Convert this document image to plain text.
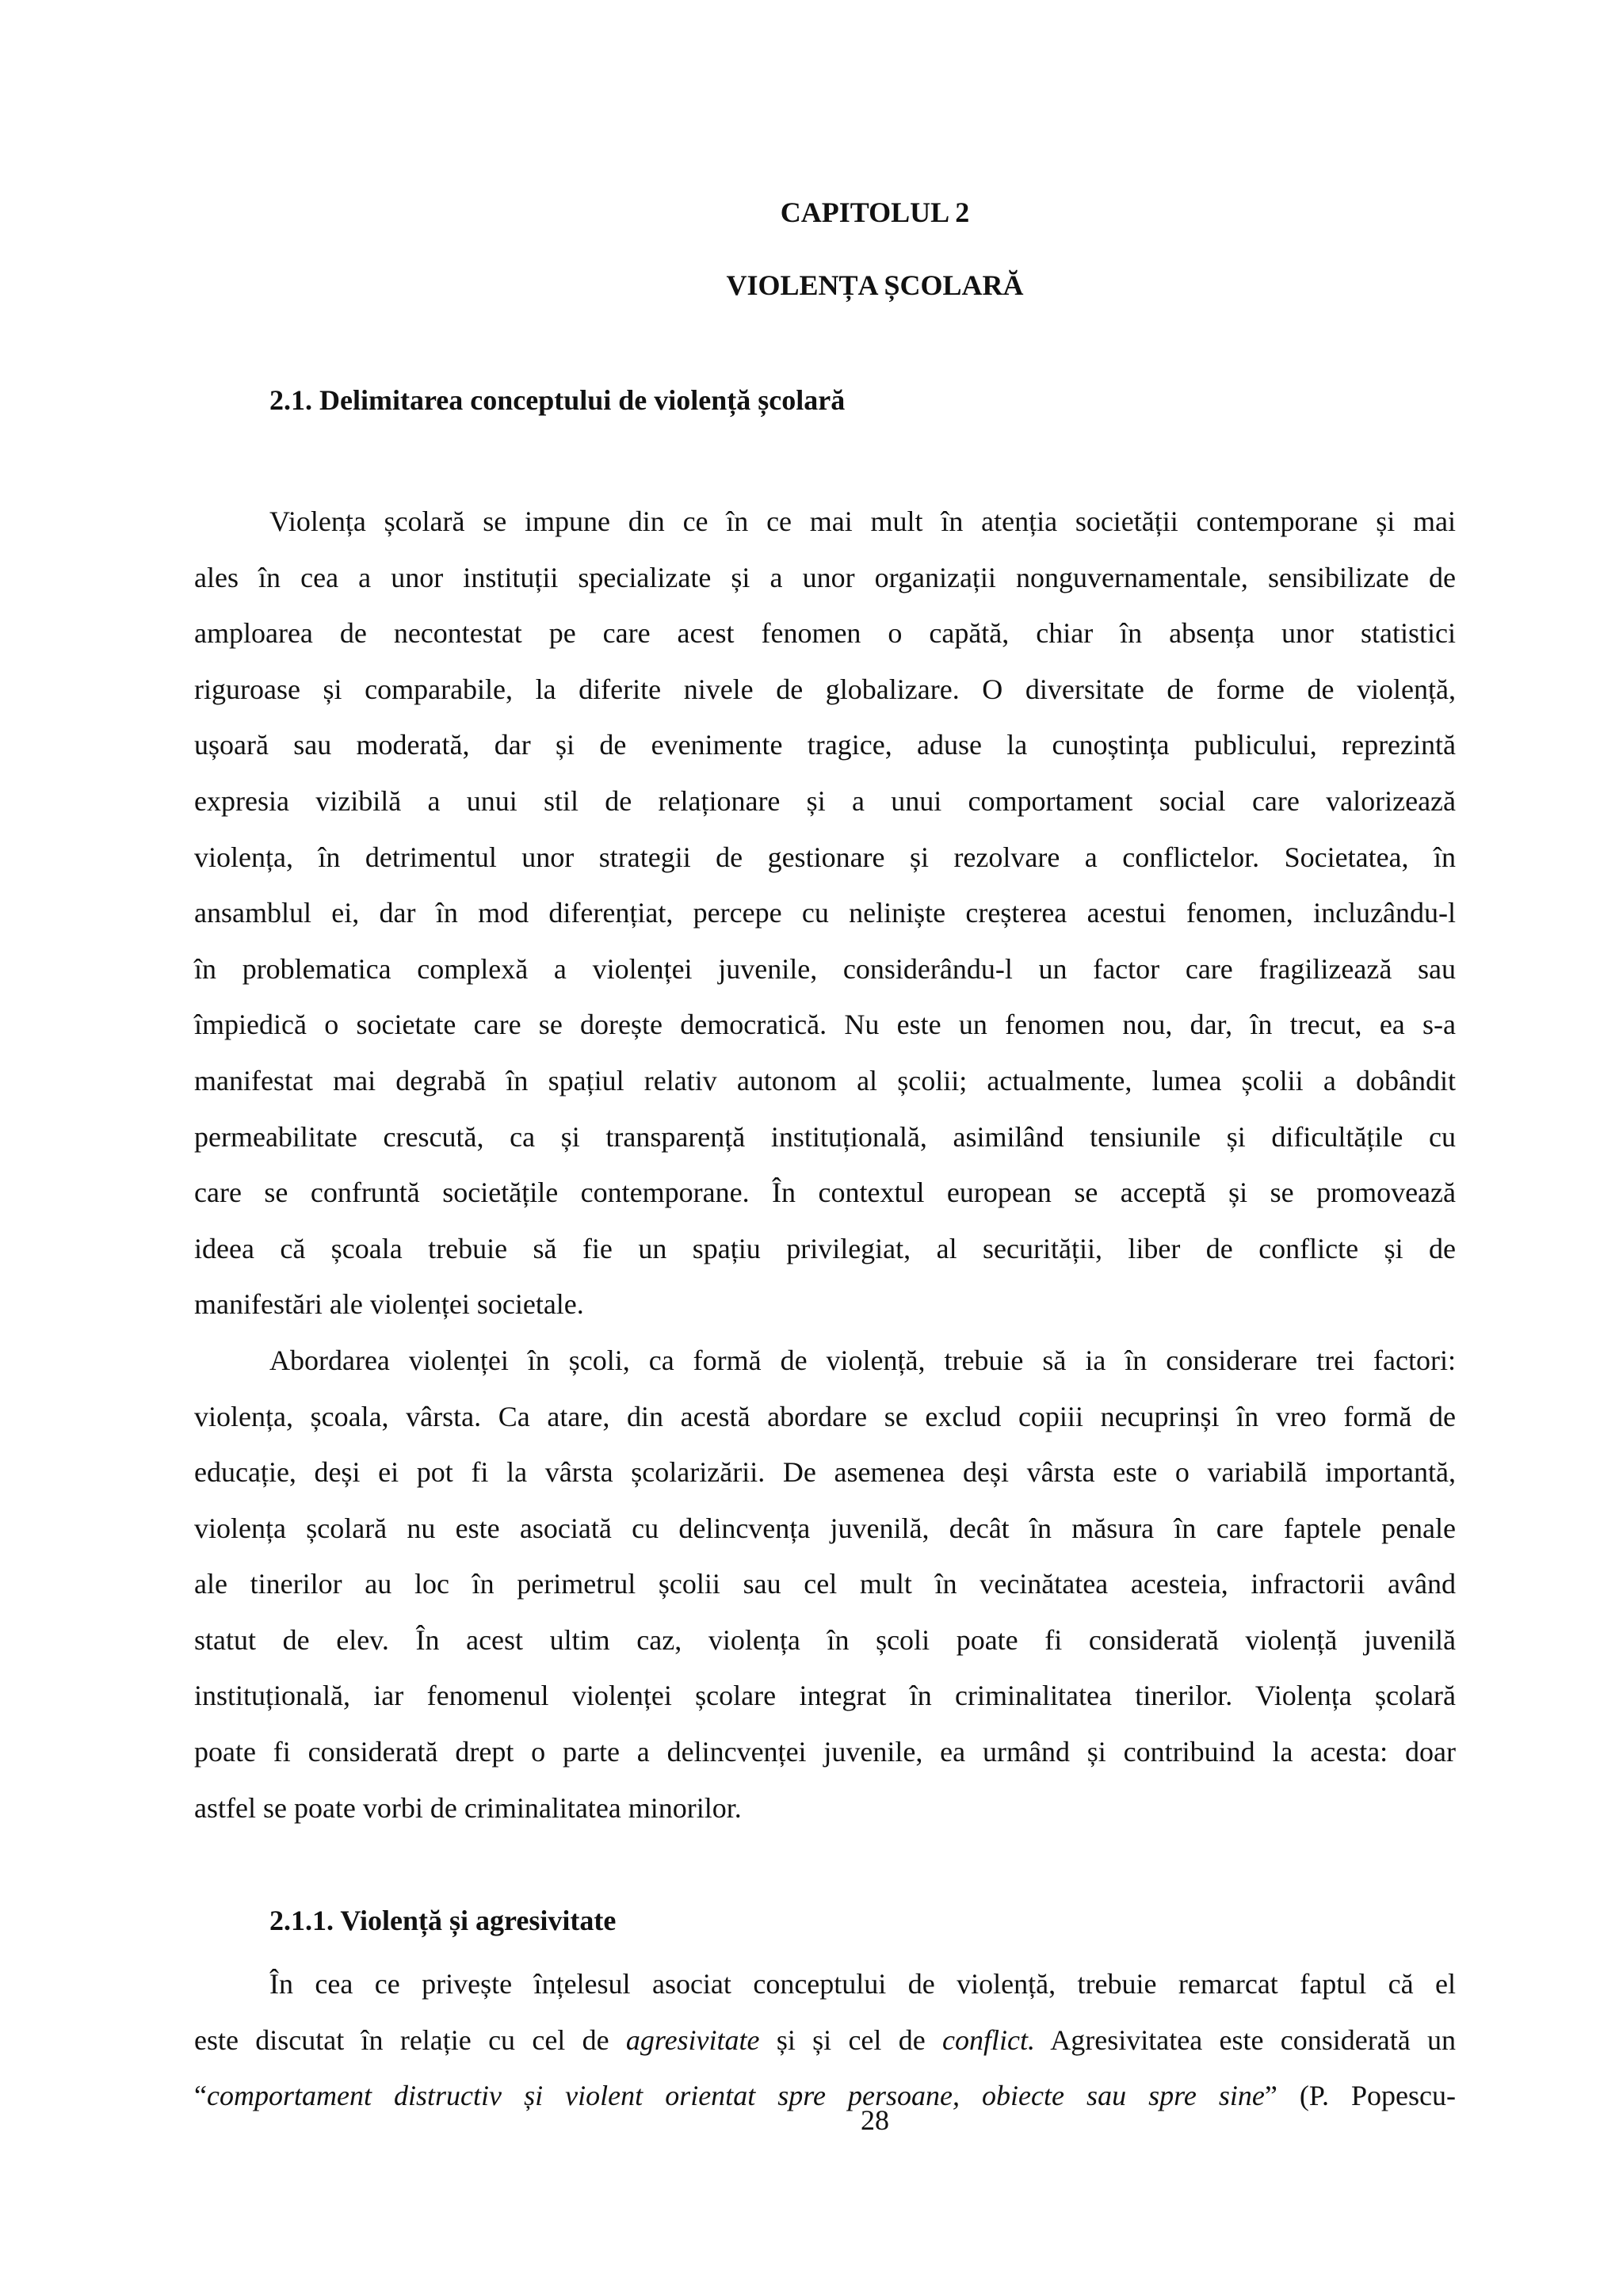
CAPITOLUL 2
VIOLENȚA ȘCOLARĂ
2.1. Delimitarea conceptului de violență școlară
Violența școlară se impune din ce în ce mai mult în atenția societății contemporane și mai
ales în cea a unor instituții specializate și a unor organizații nonguvernamentale, sensibilizate de
amploarea de necontestat pe care acest fenomen o capătă, chiar în absența unor statistici
riguroase și comparabile, la diferite nivele de globalizare. O diversitate de forme de violență,
ușoară sau moderată, dar și de evenimente tragice, aduse la cunoștința publicului, reprezintă
expresia vizibilă a unui stil de relaționare și a unui comportament social care valorizează
violența, în detrimentul unor strategii de gestionare și rezolvare a conflictelor. Societatea, în
ansamblul ei, dar în mod diferențiat, percepe cu neliniște creșterea acestui fenomen, incluzându-l
în problematica complexă a violenței juvenile, considerându-l un factor care fragilizează sau
împiedică o societate care se dorește democratică. Nu este un fenomen nou, dar, în trecut, ea s-a
manifestat mai degrabă în spațiul relativ autonom al școlii; actualmente, lumea școlii a dobândit
permeabilitate crescută, ca și transparență instituțională, asimilând tensiunile și dificultățile cu
care se confruntă societățile contemporane. În contextul european se acceptă și se promovează
ideea că școala trebuie să fie un spațiu privilegiat, al securității, liber de conflicte și de
manifestări ale violenței societale.
Abordarea violenței în școli, ca formă de violență, trebuie să ia în considerare trei factori:
violența, școala, vârsta. Ca atare, din acestă abordare se exclud copiii necuprinși în vreo formă de
educație, deși ei pot fi la vârsta școlarizării. De asemenea deși vârsta este o variabilă importantă,
violența școlară nu este asociată cu delincvența juvenilă, decât în măsura în care faptele penale
ale tinerilor au loc în perimetrul școlii sau cel mult în vecinătatea acesteia, infractorii având
statut de elev. În acest ultim caz, violența în școli poate fi considerată violență juvenilă
instituțională, iar fenomenul violenței școlare integrat în criminalitatea tinerilor. Violența școlară
poate fi considerată drept o parte a delincvenței juvenile, ea urmând și contribuind la acesta: doar
astfel se poate vorbi de criminalitatea minorilor.
2.1.1. Violență și agresivitate
În cea ce privește înțelesul asociat conceptului de violență, trebuie remarcat faptul că el
este discutat în relație cu cel de agresivitate și și cel de conflict. Agresivitatea este considerată un
“comportament distructiv și violent orientat spre persoane, obiecte sau spre sine” (P. Popescu-
28
